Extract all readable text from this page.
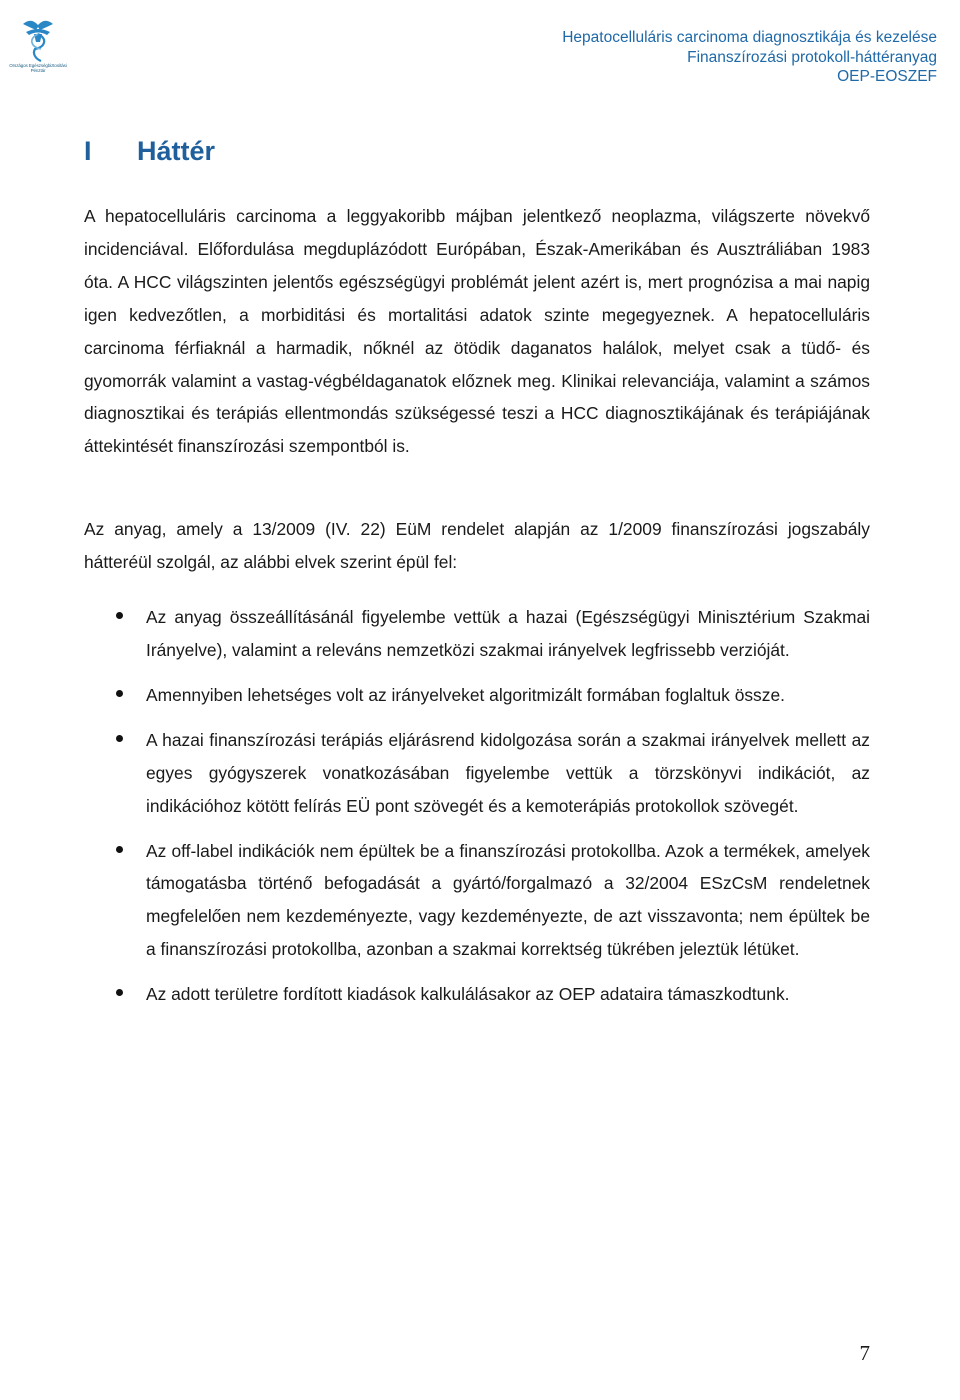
Országos Egészségbiztosítási Pénztár
Hepatocelluláris carcinoma diagnosztikája és kezelése
Finanszírozási protokoll-háttéranyag
OEP-EOSZEF
I Háttér

A hepatocelluláris carcinoma a leggyakoribb májban jelentkező neoplazma, világszerte növekvő incidenciával. Előfordulása megduplázódott Európában, Észak-Amerikában és Ausztráliában 1983 óta. A HCC világszinten jelentős egészségügyi problémát jelent azért is, mert prognózisa a mai napig igen kedvezőtlen, a morbiditási és mortalitási adatok szinte megegyeznek. A hepatocelluláris carcinoma férfiaknál a harmadik, nőknél az ötödik daganatos halálok, melyet csak a tüdő- és gyomorrák valamint a vastag-végbéldaganatok előznek meg. Klinikai relevanciája, valamint a számos diagnosztikai és terápiás ellentmondás szükségessé teszi a HCC diagnosztikájának és terápiájának áttekintését finanszírozási szempontból is.

Az anyag, amely a 13/2009 (IV. 22) EüM rendelet alapján az 1/2009 finanszírozási jogszabály hátteréül szolgál, az alábbi elvek szerint épül fel:

Az anyag összeállításánál figyelembe vettük a hazai (Egészségügyi Minisztérium Szakmai Irányelve), valamint a releváns nemzetközi szakmai irányelvek legfrissebb verzióját.
Amennyiben lehetséges volt az irányelveket algoritmizált formában foglaltuk össze.
A hazai finanszírozási terápiás eljárásrend kidolgozása során a szakmai irányelvek mellett az egyes gyógyszerek vonatkozásában figyelembe vettük a törzskönyvi indikációt, az indikációhoz kötött felírás EÜ pont szövegét és a kemoterápiás protokollok szövegét.
Az off-label indikációk nem épültek be a finanszírozási protokollba. Azok a termékek, amelyek támogatásba történő befogadását a gyártó/forgalmazó a 32/2004 ESzCsM rendeletnek megfelelően nem kezdeményezte, vagy kezdeményezte, de azt visszavonta; nem épültek be a finanszírozási protokollba, azonban a szakmai korrektség tükrében jeleztük létüket.
Az adott területre fordított kiadások kalkulálásakor az OEP adataira támaszkodtunk.
7
